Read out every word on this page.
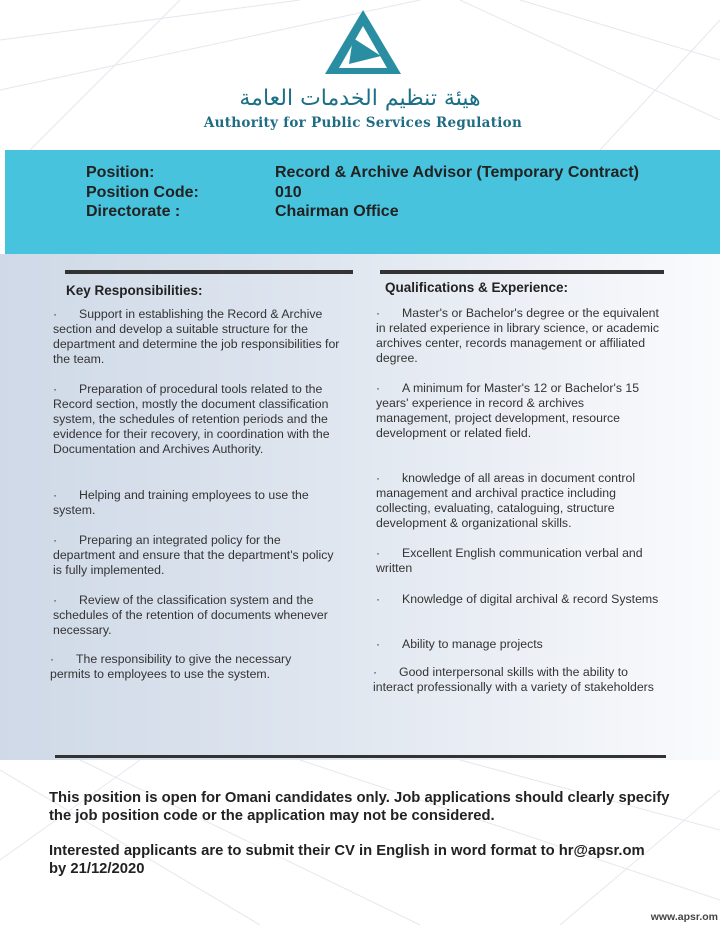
هيئة تنظيم الخدمات العامة
Authority for Public Services Regulation
Position:	Record & Archive Advisor (Temporary Contract)
Position Code:	010
Directorate :	Chairman Office
Key Responsibilities:	Qualifications & Experience:
· Support in establishing the Record & Archive section and develop a suitable structure for the department and determine the job responsibilities for the team.
· Preparation of procedural tools related to the Record section, mostly the document classification system, the schedules of retention periods and the evidence for their recovery, in coordination with the Documentation and Archives Authority.
· Helping and training employees to use the system.
· Preparing an integrated policy for the department and ensure that the department's policy is fully implemented.
· Review of the classification system and the schedules of the retention of documents whenever necessary.
· The responsibility to give the necessary permits to employees to use the system.
· Master's or Bachelor's degree or the equivalent in related experience in library science, or academic archives center, records management or affiliated degree.
· A minimum for Master's 12 or Bachelor's 15 years' experience in record & archives management, project development, resource development or related field.
· knowledge of all areas in document control management and archival practice including collecting, evaluating, cataloguing, structure development & organizational skills.
· Excellent English communication verbal and written
· Knowledge of digital archival & record Systems
· Ability to manage projects
· Good interpersonal skills with the ability to interact professionally with a variety of stakeholders
This position is open for Omani candidates only. Job applications should clearly specify the job position code or the application may not be considered.
Interested applicants are to submit their CV in English in word format to hr@apsr.om by 21/12/2020
www.apsr.om
